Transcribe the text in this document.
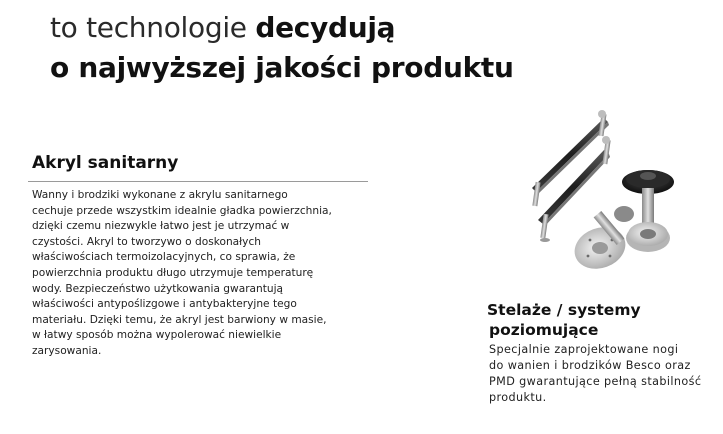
to technologie decydują
o najwyższej jakości produktu
Akryl sanitarny

Wanny i brodziki wykonane z akrylu sanitarnego cechuje przede wszystkim idealnie gładka powierzchnia, dzięki czemu niezwykle łatwo jest je utrzymać w czystości. Akryl to tworzywo o doskonałych właściwościach termoizolacyjnych, co sprawia, że powierzchnia produktu długo utrzymuje temperaturę wody. Bezpieczeństwo użytkowania gwarantują właściwości antypoślizgowe i antybakteryjne tego materiału. Dzięki temu, że akryl jest barwiony w masie, w łatwy sposób można wypolerować niewielkie zarysowania.

Stelaże / systemy
poziomujące

Specjalnie zaprojektowane nogi
do wanien i brodzików Besco oraz
PMD gwarantujące pełną stabilność
produktu.
